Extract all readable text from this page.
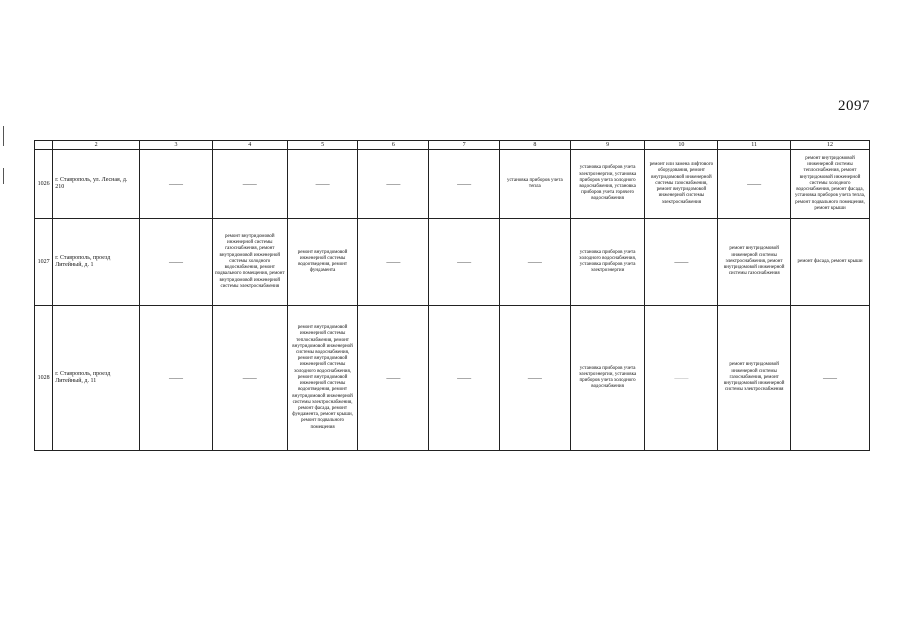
2097
	2	3	4	5	6	7	8	9	10	11	12
1026	г. Ставрополь, ул. Лесная, д. 210	——	——	——	——	——	установка приборов учета тепла	установка приборов учета электроэнергии, установка приборов учета холодного водоснабжения, установка приборов учета горячего водоснабжения	ремонт или замена лифтового оборудования, ремонт внутридомовой инженерной системы газоснабжения, ремонт внутридомовой инженерной системы электроснабжения	——	ремонт внутридомовой инженерной системы теплоснабжения, ремонт внутридомовой инженерной системы холодного водоснабжения, ремонт фасада, установка приборов учета тепла, ремонт подвального помещения, ремонт крыши
1027	г. Ставрополь, проезд Литейный, д. 1	——	ремонт внутридомовой инженерной системы газоснабжения, ремонт внутридомовой инженерной системы холодного водоснабжения, ремонт подвального помещения, ремонт внутридомовой инженерной системы электроснабжения	ремонт внутридомовой инженерной системы водоотведения, ремонт фундамента	——	——	——	установка приборов учета холодного водоснабжения, установка приборов учета электроэнергии	——	ремонт внутридомовой инженерной системы электроснабжения, ремонт внутридомовой инженерной системы газоснабжения	ремонт фасада, ремонт крыши
1028	г. Ставрополь, проезд Литейный, д. 11	——	——	ремонт внутридомовой инженерной системы теплоснабжения, ремонт внутридомовой инженерной системы водоснабжения, ремонт внутридомовой инженерной системы холодного водоснабжения, ремонт внутридомовой инженерной системы водоотведения, ремонт внутридомовой инженерной системы электроснабжения, ремонт фасада, ремонт фундамента, ремонт крыши, ремонт подвального помещения	——	——	——	установка приборов учета электроэнергии, установка приборов учета холодного водоснабжения	——	ремонт внутридомовой инженерной системы газоснабжения, ремонт внутридомовой инженерной системы электроснабжения	——
